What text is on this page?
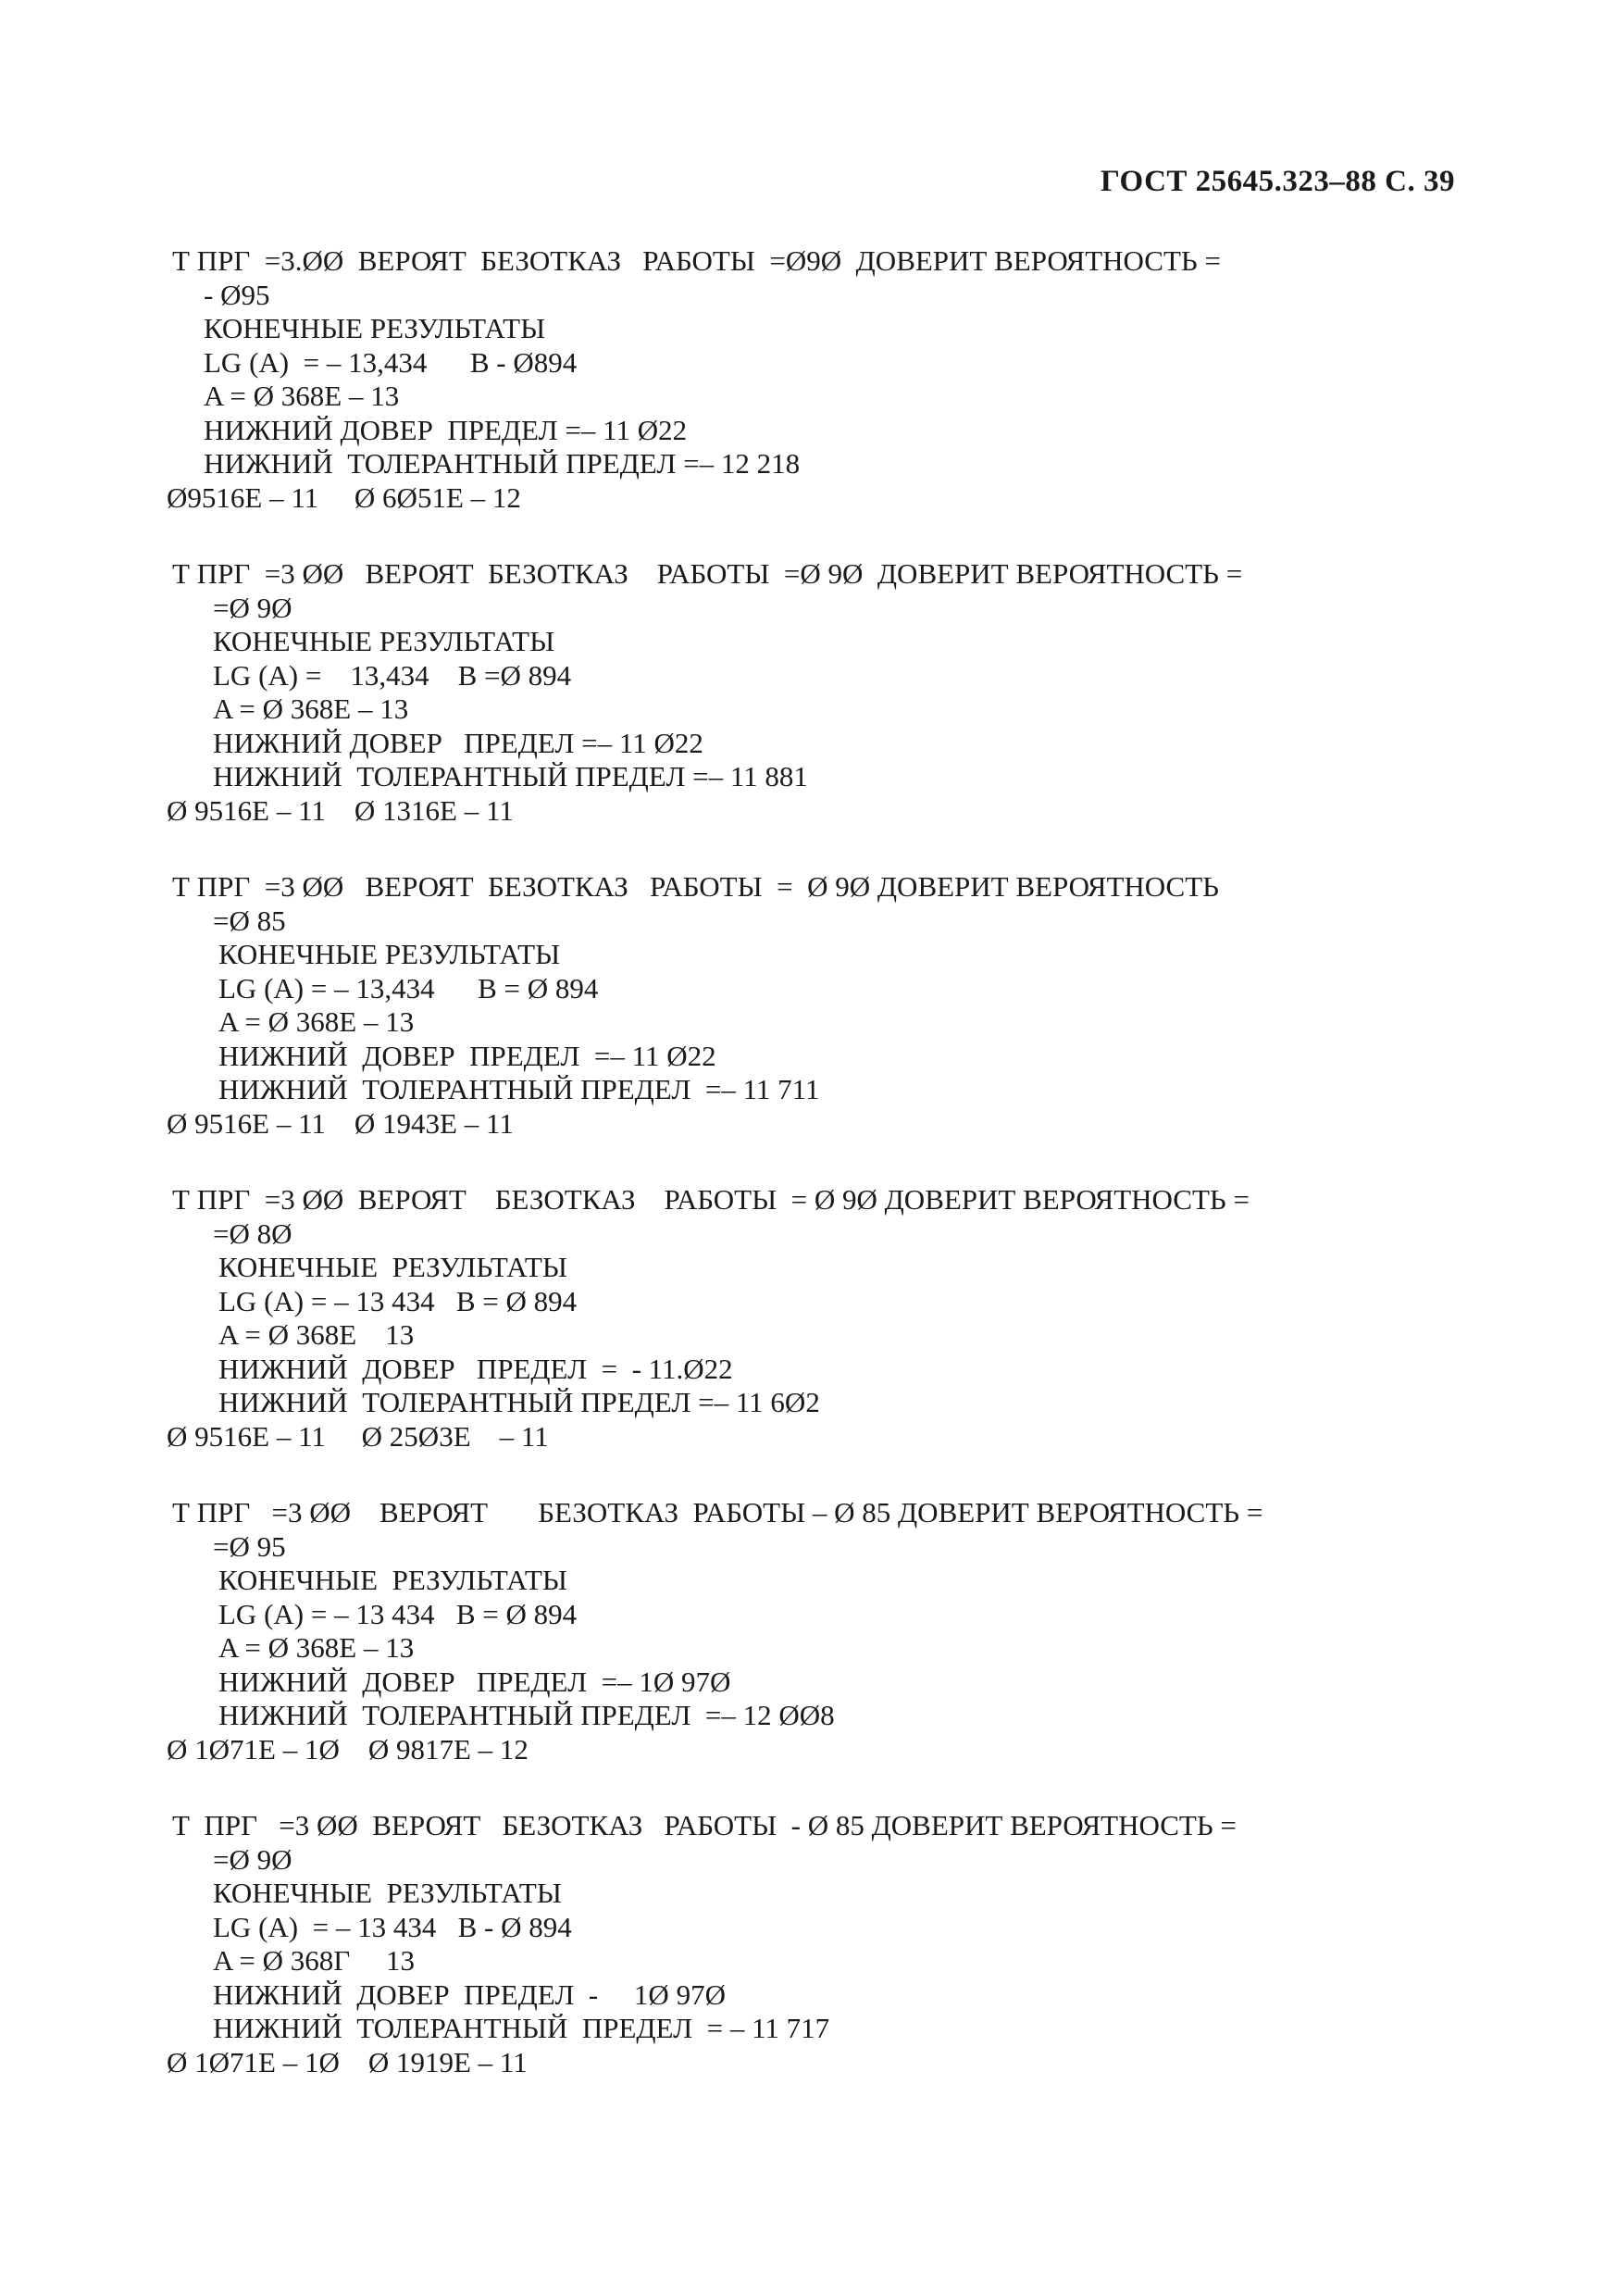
ГОСТ 25645.323–88 С. 39
Т ПРГ  =3.ØØ  ВЕРОЯТ  БЕЗОТКАЗ   РАБОТЫ  =Ø9Ø  ДОВЕРИТ ВЕРОЯТНОСТЬ =
- Ø95
КОНЕЧНЫЕ РЕЗУЛЬТАТЫ
LG (A)  = – 13,434      B - Ø894
A = Ø 368E – 13
НИЖНИЙ ДОВЕР  ПРЕДЕЛ =– 11 Ø22
НИЖНИЙ  ТОЛЕРАНТНЫЙ ПРЕДЕЛ =– 12 218
Ø9516E – 11     Ø 6Ø51E – 12
Т ПРГ  =3 ØØ   ВЕРОЯТ  БЕЗОТКАЗ    РАБОТЫ  =Ø 9Ø  ДОВЕРИТ ВЕРОЯТНОСТЬ =
=Ø 9Ø
КОНЕЧНЫЕ РЕЗУЛЬТАТЫ
LG (A) =    13,434    B =Ø 894
A = Ø 368E – 13
НИЖНИЙ ДОВЕР   ПРЕДЕЛ =– 11 Ø22
НИЖНИЙ  ТОЛЕРАНТНЫЙ ПРЕДЕЛ =– 11 881
Ø 9516E – 11    Ø 1316E – 11
Т ПРГ  =3 ØØ   ВЕРОЯТ  БЕЗОТКАЗ   РАБОТЫ  =  Ø 9Ø ДОВЕРИТ ВЕРОЯТНОСТЬ
=Ø 85
КОНЕЧНЫЕ РЕЗУЛЬТАТЫ
LG (A) = – 13,434      B = Ø 894
A = Ø 368E – 13
НИЖНИЙ  ДОВЕР  ПРЕДЕЛ  =– 11 Ø22
НИЖНИЙ  ТОЛЕРАНТНЫЙ ПРЕДЕЛ  =– 11 711
Ø 9516E – 11    Ø 1943E – 11
Т ПРГ  =3 ØØ  ВЕРОЯТ    БЕЗОТКАЗ    РАБОТЫ  = Ø 9Ø ДОВЕРИТ ВЕРОЯТНОСТЬ =
=Ø 8Ø
КОНЕЧНЫЕ  РЕЗУЛЬТАТЫ
LG (A) = – 13 434   B = Ø 894
A = Ø 368E    13
НИЖНИЙ  ДОВЕР   ПРЕДЕЛ  =  - 11.Ø22
НИЖНИЙ  ТОЛЕРАНТНЫЙ ПРЕДЕЛ =– 11 6Ø2
Ø 9516E – 11     Ø 25Ø3E    – 11
Т ПРГ   =3 ØØ    ВЕРОЯТ       БЕЗОТКАЗ  РАБОТЫ – Ø 85 ДОВЕРИТ ВЕРОЯТНОСТЬ =
=Ø 95
КОНЕЧНЫЕ  РЕЗУЛЬТАТЫ
LG (A) = – 13 434   B = Ø 894
A = Ø 368E – 13
НИЖНИЙ  ДОВЕР   ПРЕДЕЛ  =– 1Ø 97Ø
НИЖНИЙ  ТОЛЕРАНТНЫЙ ПРЕДЕЛ  =– 12 ØØ8
Ø 1Ø71E – 1Ø    Ø 9817E – 12
Т  ПРГ   =3 ØØ  ВЕРОЯТ   БЕЗОТКАЗ   РАБОТЫ  - Ø 85 ДОВЕРИТ ВЕРОЯТНОСТЬ =
=Ø 9Ø
КОНЕЧНЫЕ  РЕЗУЛЬТАТЫ
LG (A)  = – 13 434   B - Ø 894
A = Ø 368Г     13
НИЖНИЙ  ДОВЕР  ПРЕДЕЛ  -     1Ø 97Ø
НИЖНИЙ  ТОЛЕРАНТНЫЙ  ПРЕДЕЛ  = – 11 717
Ø 1Ø71E – 1Ø    Ø 1919E – 11
